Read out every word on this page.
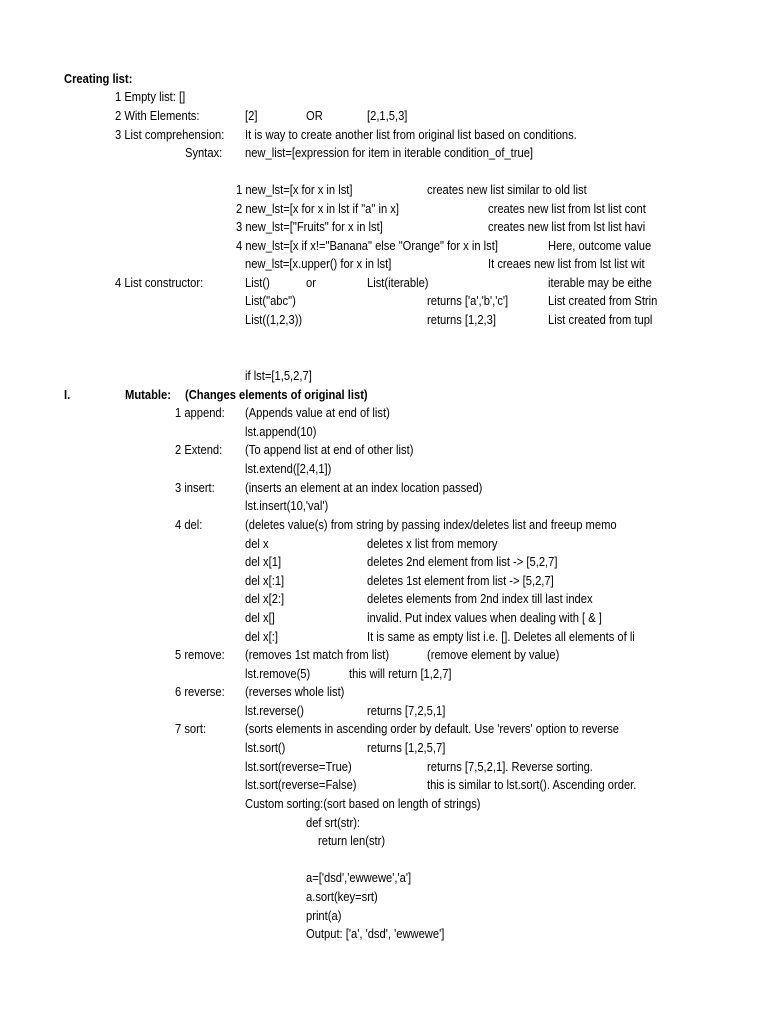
Creating list:
1 Empty list: []
2 With Elements:	[2]	OR	[2,1,5,3]
3 List comprehension: It is way to create another list from original list based on conditions.
Syntax: new_list=[expression for item in iterable condition_of_true]
1 new_lst=[x for x in lst]	creates new list similar to old list
2 new_lst=[x for x in lst if "a" in x]	creates new list from lst list cont
3 new_lst=["Fruits" for x in lst]	creates new list from lst list havi
4 new_lst=[x if x!="Banana" else "Orange" for x in lst]	Here, outcome value
new_lst=[x.upper() for x in lst]	It creaes new list from lst list wit
4 List constructor:	List()	or	List(iterable)	iterable may be eithe
List("abc")	returns ['a','b','c']	List created from Strin
List((1,2,3))	returns [1,2,3]	List created from tupl
if lst=[1,5,2,7]
I.	Mutable: (Changes elements of original list)
1 append: (Appends value at end of list)
lst.append(10)
2 Extend: (To append list at end of other list)
lst.extend([2,4,1])
3 insert: (inserts an element at an index location passed)
lst.insert(10,'val')
4 del:	(deletes value(s) from string by passing index/deletes list and freeup memo
del x	deletes x list from memory
del x[1]	deletes 2nd element from list -> [5,2,7]
del x[:1]	deletes 1st element from list -> [5,2,7]
del x[2:]	deletes elements from 2nd index till last index
del x[]	invalid. Put index values when dealing with [ & ]
del x[:]	It is same as empty list i.e. []. Deletes all elements of li
5 remove: (removes 1st match from list)	(remove element by value)
lst.remove(5)	this will return [1,2,7]
6 reverse: (reverses whole list)
lst.reverse()	returns [7,2,5,1]
7 sort:	(sorts elements in ascending order by default. Use 'revers' option to reverse
lst.sort()	returns [1,2,5,7]
lst.sort(reverse=True)	returns [7,5,2,1]. Reverse sorting.
lst.sort(reverse=False)	this is similar to lst.sort(). Ascending order.
Custom sorting:(sort based on length of strings)
def srt(str):
return len(str)
a=['dsd','ewwewe','a']
a.sort(key=srt)
print(a)
Output: ['a', 'dsd', 'ewwewe']
